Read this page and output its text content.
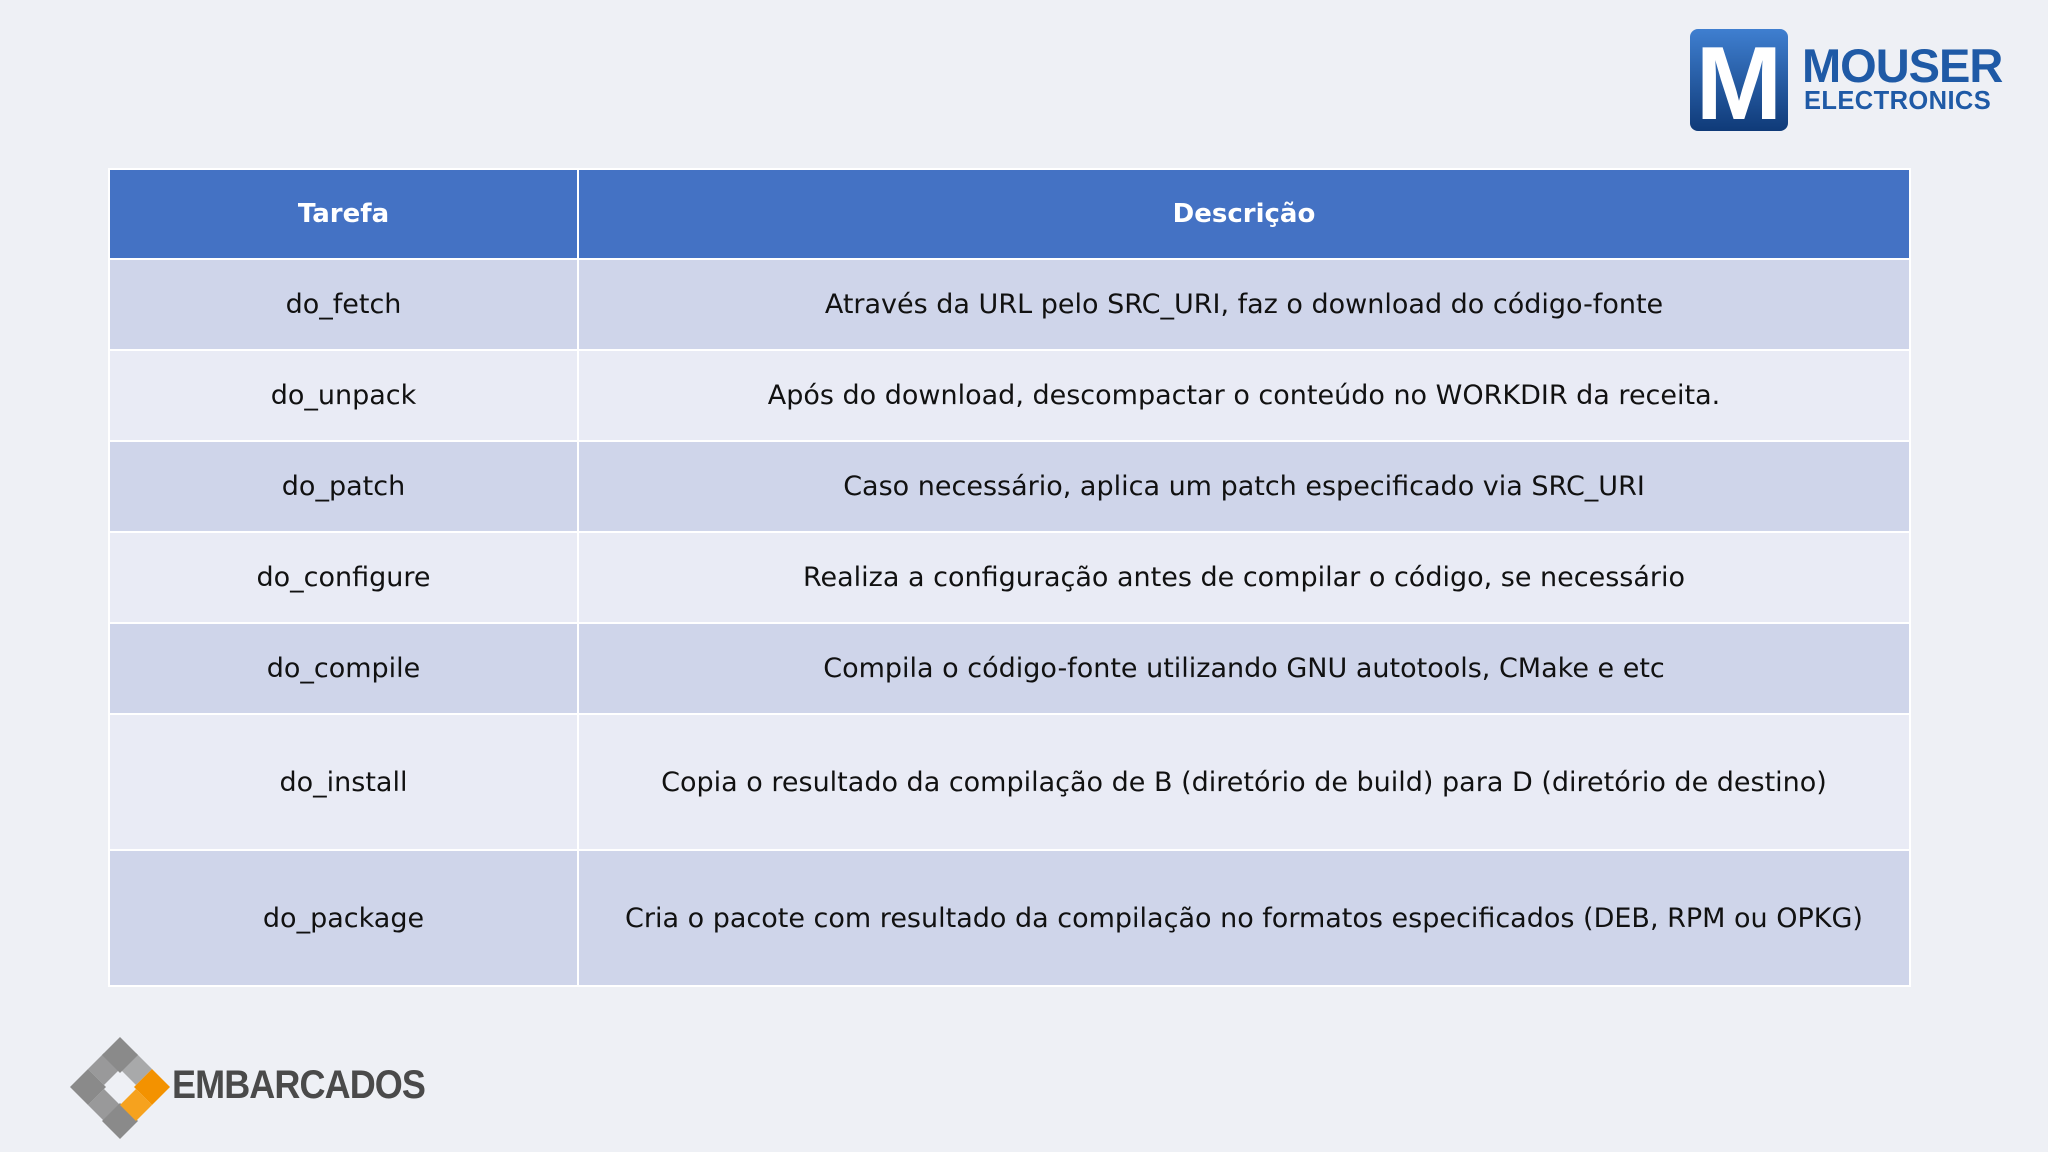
M MOUSER
ELECTRONICS
Tarefa	Descrição
do_fetch	Através da URL pelo SRC_URI, faz o download do código-fonte
do_unpack	Após do download, descompactar o conteúdo no WORKDIR da receita.
do_patch	Caso necessário, aplica um patch especificado via SRC_URI
do_configure	Realiza a configuração antes de compilar o código, se necessário
do_compile	Compila o código-fonte utilizando GNU autotools, CMake e etc
do_install	Copia o resultado da compilação de B (diretório de build) para D (diretório de destino)
do_package	Cria o pacote com resultado da compilação no formatos especificados (DEB, RPM ou OPKG)
EMBARCADOS
